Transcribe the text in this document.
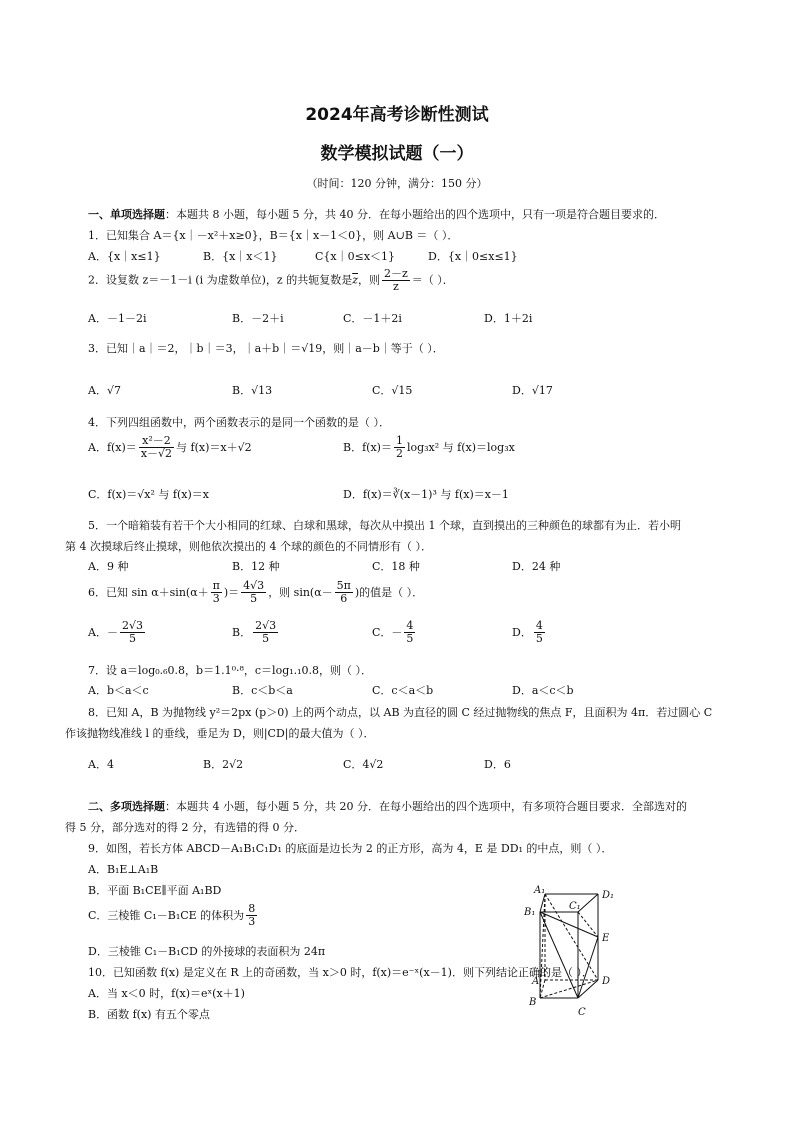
2024年高考诊断性测试
数学模拟试题（一）
（时间：120 分钟，满分：150 分）
一、单项选择题：本题共 8 小题，每小题 5 分，共 40 分．在每小题给出的四个选项中，只有一项是符合题目要求的．
1．已知集合 A＝{x｜－x²＋x≥0}，B＝{x｜x－1＜0}，则 A∪B ＝（ ）．
A．{x｜x≤1}	B．{x｜x＜1}	C{x｜0≤x＜1}	D．{x｜0≤x≤1}
2．设复数 z＝－1－i (i 为虚数单位)，z 的共轭复数是$\overline{z}$，则 $\frac{2-z}{z}$ ＝（ ）．
A．－1－2i	B．－2＋i	C．－1＋2i	D．1＋2i
3．已知｜a｜＝2，｜b｜＝3，｜a＋b｜＝√19，则｜a－b｜等于（ ）．
A．√7	B．√13	C．√15	D．√17
4．下列四组函数中，两个函数表示的是同一个函数的是（ ）．
A．$f(x)= \frac{\text{x²－2}}{x-√2}$ 与 f(x)＝x＋√2	B．$f(x)= \frac{1}{2} \log_3x^2$ 与 f(x)＝log₃x
C．f(x)＝√x² 与 f(x)＝x	D．f(x)＝∛(x－1)³ 与 f(x)＝x－1
5．一个暗箱装有若干个大小相同的红球、白球和黑球，每次从中摸出 1 个球，直到摸出的三种颜色的球都有为止．若小明
第 4 次摸球后终止摸球，则他依次摸出的 4 个球的颜色的不同情形有（ ）．
A．9 种	B．12 种	C．18 种	D．24 种
6．已知 $\sin \alpha+\sin(\alpha+ \frac{\pi}{3}$ )＝ $\frac{4√3}{5}$ ，则 $\sin(\alpha- \frac{5\pi}{6}$ )的值是（ ）．
A．－ $\frac{2√3}{5}$	B． $\frac{2√3}{5}$	C．－ $\frac{4}{5}$	D． $\frac{4}{5}$
7．设 a＝log₀.₆0.8，b＝1.1⁰·⁸，c＝log₁.₁0.8，则（ ）．
A．b＜a＜c	B．c＜b＜a	C．c＜a＜b	D．a＜c＜b
8．已知 A，B 为抛物线 y²＝2px (p＞0) 上的两个动点，以 AB 为直径的圆 C 经过抛物线的焦点 F，且面积为 4π．若过圆心 C
作该抛物线准线 l 的垂线，垂足为 D，则|CD|的最大值为（ ）．
A．4	B．2√2	C．4√2	D．6
二、多项选择题：本题共 4 小题，每小题 5 分，共 20 分．在每小题给出的四个选项中，有多项符合题目要求．全部选对的
得 5 分，部分选对的得 2 分，有选错的得 0 分．
9．如图，若长方体 ABCD－A₁B₁C₁D₁ 的底面是边长为 2 的正方形，高为 4，E 是 DD₁ 的中点，则（ ）．
A．B₁E⊥A₁B
B．平面 B₁CE∥平面 A₁BD
C．三棱锥 C₁－B₁CE 的体积为 $\frac{8}{3}$
D．三棱锥 C₁－B₁CD 的外接球的表面积为 24π
10．已知函数 f(x) 是定义在 R 上的奇函数，当 x＞0 时，f(x)＝e⁻ˣ(x－1)．则下列结论正确的是（ ）．
A．当 x＜0 时，f(x)＝eˣ(x＋1)
B．函数 f(x) 有五个零点
A₁	D₁
B₁
C₁
E
A	D
B
C
